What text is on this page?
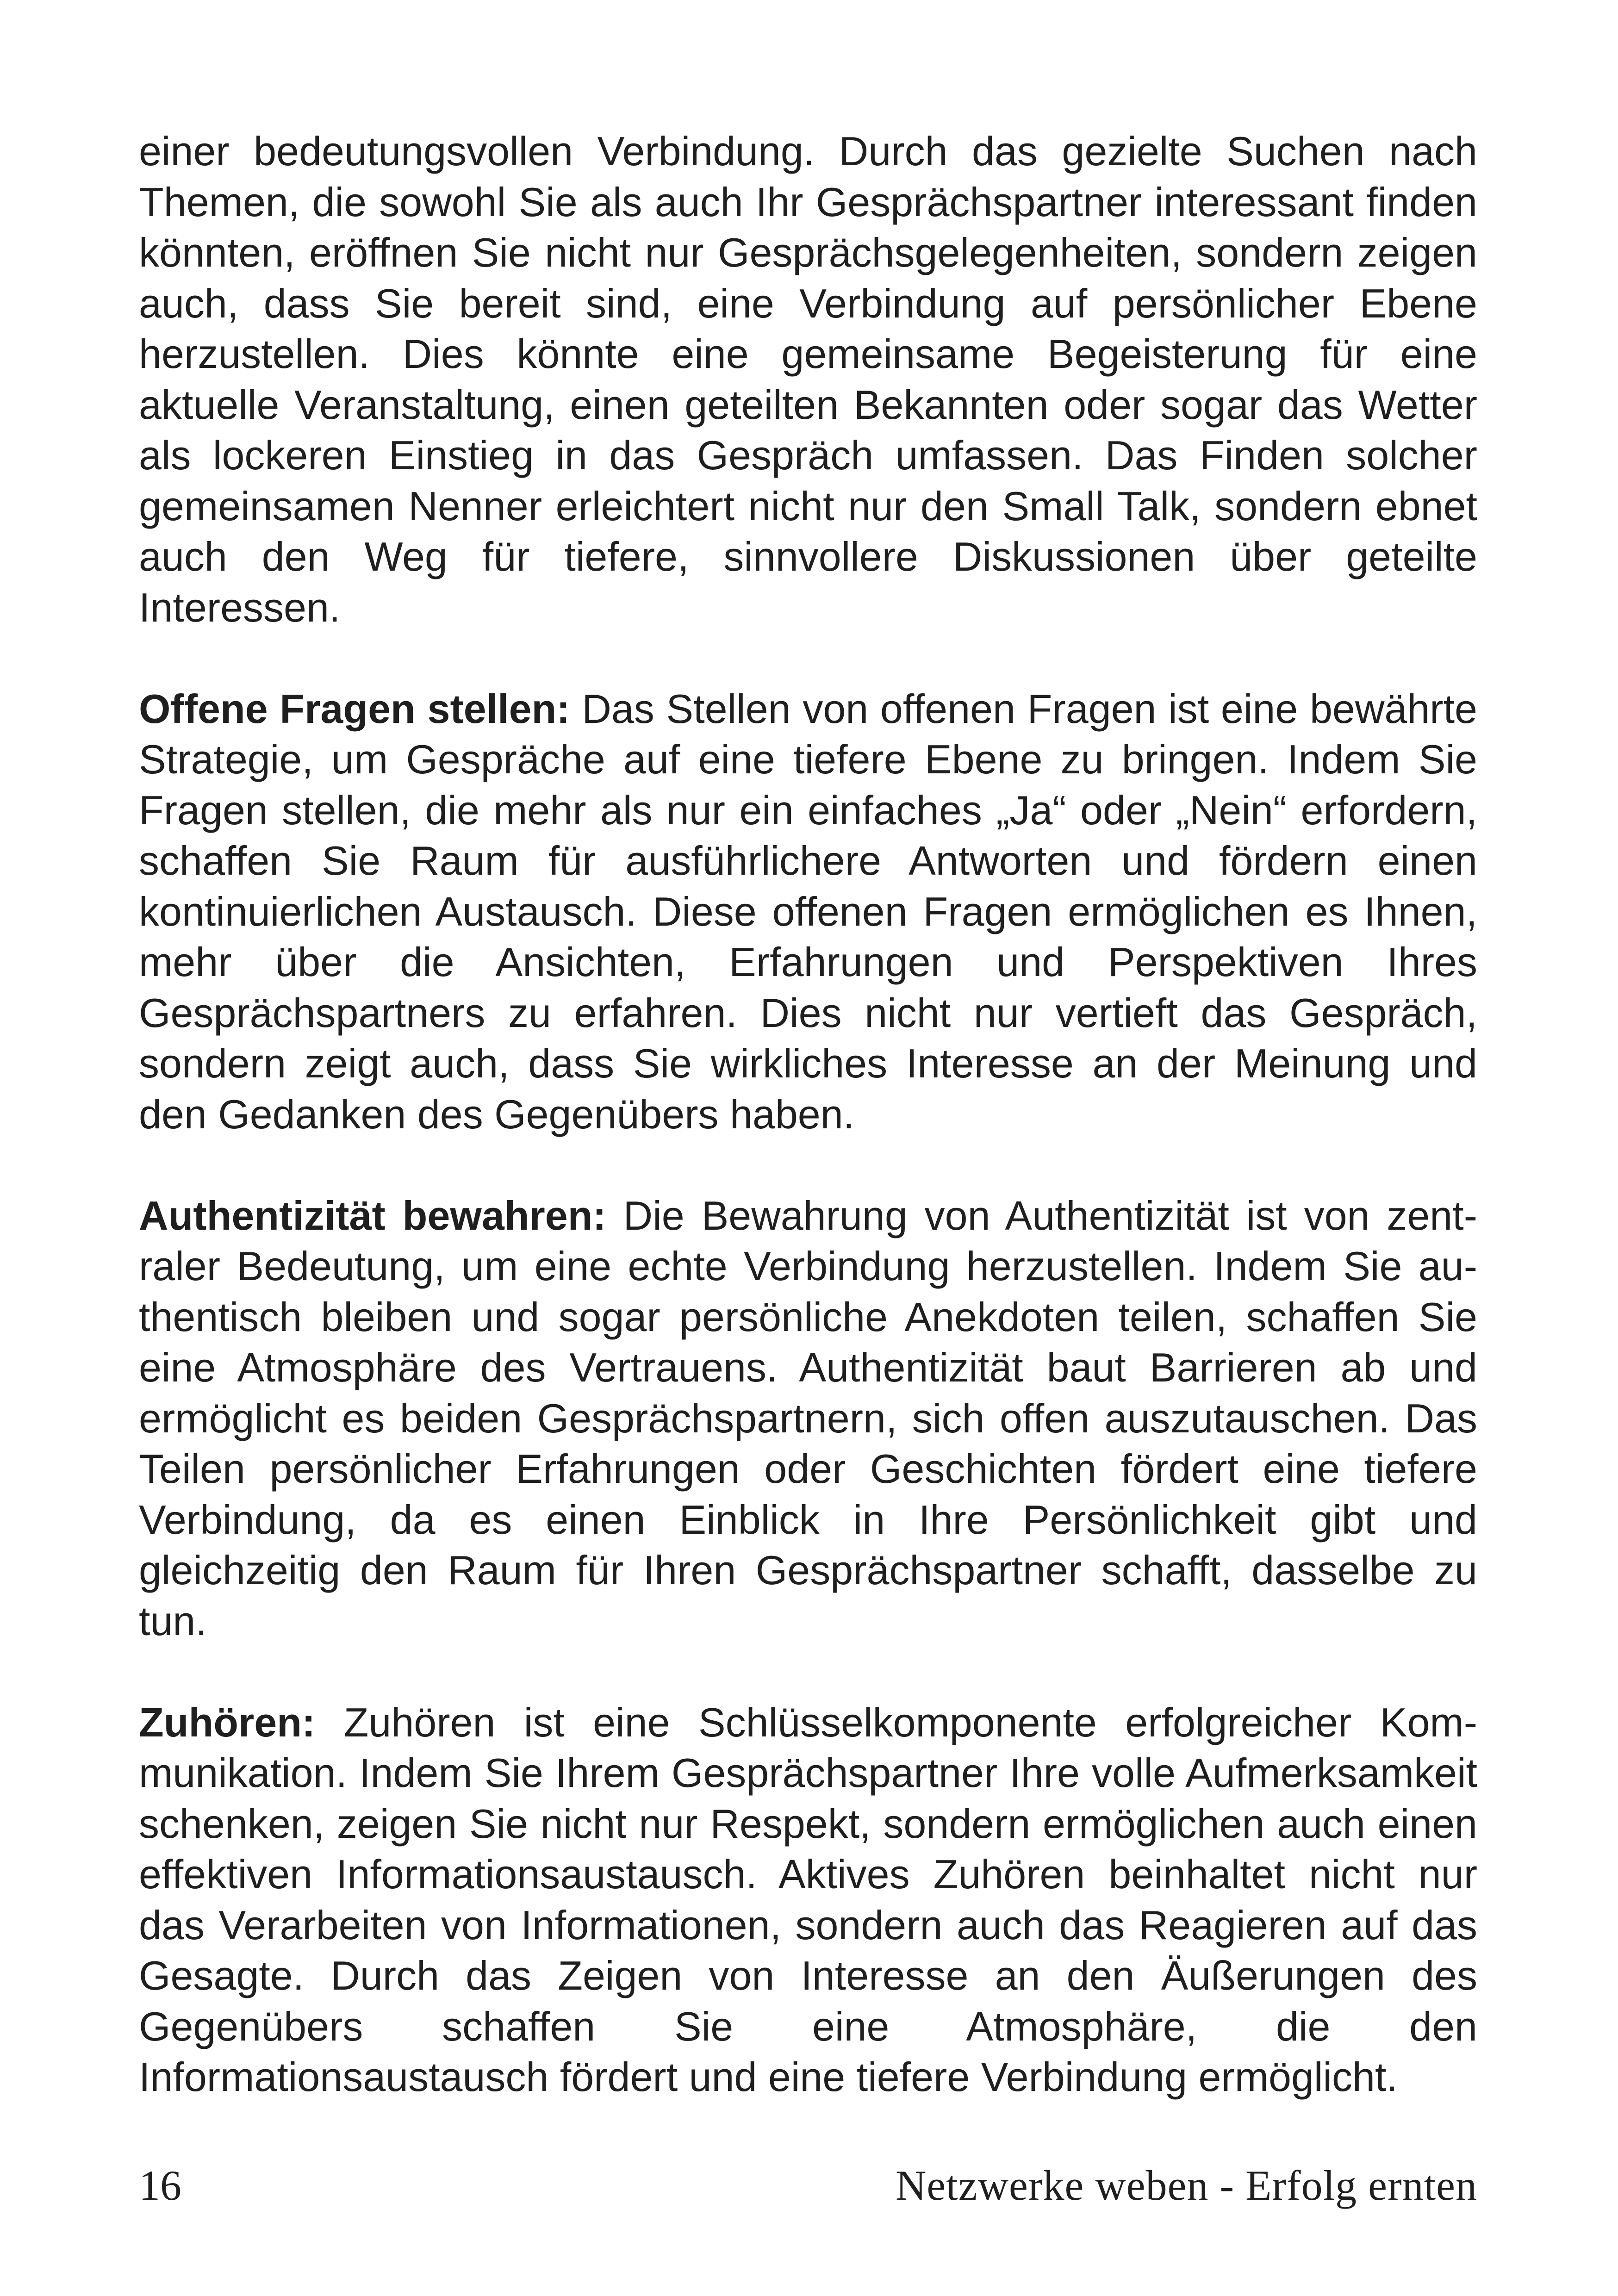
einer bedeutungsvollen Verbindung. Durch das gezielte Suchen nach Themen, die sowohl Sie als auch Ihr Gesprächspartner interessant finden könnten, eröffnen Sie nicht nur Gesprächsgelegenheiten, sondern zeigen auch, dass Sie bereit sind, eine Verbindung auf persönlicher Ebene herzustellen. Dies könnte eine gemeinsame Begeisterung für eine aktuelle Veranstaltung, einen geteilten Bekannten oder sogar das Wetter als lockeren Einstieg in das Gespräch umfassen. Das Finden solcher gemeinsamen Nenner erleichtert nicht nur den Small Talk, sondern ebnet auch den Weg für tiefere, sinnvollere Diskussionen über geteilte Interessen.

Offene Fragen stellen: Das Stellen von offenen Fragen ist eine bewährte Strategie, um Gespräche auf eine tiefere Ebene zu bringen. Indem Sie Fragen stellen, die mehr als nur ein einfaches „Ja“ oder „Nein“ erfordern, schaffen Sie Raum für ausführlichere Antworten und fördern einen kontinuierlichen Austausch. Diese offenen Fragen ermöglichen es Ihnen, mehr über die Ansichten, Erfahrungen und Perspektiven Ihres Gesprächspartners zu erfahren. Dies nicht nur vertieft das Gespräch, sondern zeigt auch, dass Sie wirkliches Interesse an der Meinung und den Gedanken des Gegenübers haben.

Authentizität bewahren: Die Bewahrung von Authentizität ist von zentraler Bedeutung, um eine echte Verbindung herzustellen. Indem Sie authentisch bleiben und sogar persönliche Anekdoten teilen, schaffen Sie eine Atmosphäre des Vertrauens. Authentizität baut Barrieren ab und ermöglicht es beiden Gesprächspartnern, sich offen auszutauschen. Das Teilen persönlicher Erfahrungen oder Geschichten fördert eine tiefere Verbindung, da es einen Einblick in Ihre Persönlichkeit gibt und gleichzeitig den Raum für Ihren Gesprächspartner schafft, dasselbe zu tun.

Zuhören: Zuhören ist eine Schlüsselkomponente erfolgreicher Kommunikation. Indem Sie Ihrem Gesprächspartner Ihre volle Aufmerksamkeit schenken, zeigen Sie nicht nur Respekt, sondern ermöglichen auch einen effektiven Informationsaustausch. Aktives Zuhören beinhaltet nicht nur das Verarbeiten von Informationen, sondern auch das Reagieren auf das Gesagte. Durch das Zeigen von Interesse an den Äußerungen des Gegenübers schaffen Sie eine Atmosphäre, die den Informationsaustausch fördert und eine tiefere Verbindung ermöglicht.

16	Netzwerke weben - Erfolg ernten
